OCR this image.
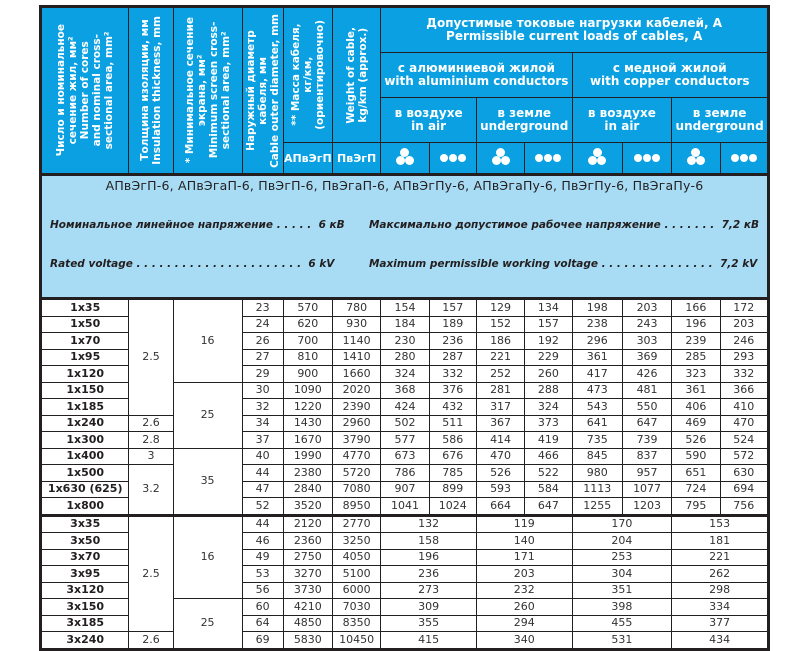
Число и номинальное сечение жил, мм² Number of cores and nominal cross- sectional area, mm²	Толщина изоляции, мм Insulation thickness, mm	* Минимальное сечение экрана, мм² Minimum screen cross- sectional area, mm²	Наружный диаметр кабеля, мм Cable outer diameter, mm	** Масса кабеля, кг/км, (ориентировочно)	Weight of cable, kg/km (approx.)

Допустимые токовые нагрузки кабелей, А
Permissible current loads of cables, A

с алюминиевой жилой
with aluminium conductors

с медной жилой
with copper conductors

в воздухе
in air

в земле
underground

в воздухе
in air

в земле
underground

				АПвЭгП	ПвЭгП	

АПвЭгП-6, АПвЭгаП-6, ПвЭгП-6, ПвЭгаП-6, АПвЭгПу-6, АПвЭгаПу-6, ПвЭгПу-6, ПвЭгаПу-6

Номинальное линейное напряжение . . . . .  6 кВ

Rated voltage . . . . . . . . . . . . . . . . . . . . . .  6 kV

Максимально допустимое рабочее напряжение . . . . . . .  7,2 кВ

Maximum permissible working voltage . . . . . . . . . . . . . . .  7,2 kV													

1x35	2.5	16	23	570	780	154	157	129	134	198	203	166	172
1x50			24	620	930	184	189	152	157	238	243	196	203
1x70			26	700	1140	230	236	186	192	296	303	239	246
1x95			27	810	1410	280	287	221	229	361	369	285	293
1x120			29	900	1660	324	332	252	260	417	426	323	332
1x150		25	30	1090	2020	368	376	281	288	473	481	361	366
1x185			32	1220	2390	424	432	317	324	543	550	406	410
1x240	2.6		34	1430	2960	502	511	367	373	641	647	469	470
1x300	2.8		37	1670	3790	577	586	414	419	735	739	526	524
1x400	3	35	40	1990	4770	673	676	470	466	845	837	590	572
1x500	3.2		44	2380	5720	786	785	526	522	980	957	651	630
1x630 (625)			47	2840	7080	907	899	593	584	1113	1077	724	694
1x800			52	3520	8950	1041	1024	664	647	1255	1203	795	756
3x35	2.5	16	44	2120	2770	132		119		170		153	
3x50			46	2360	3250	158		140		204		181	
3x70			49	2750	4050	196		171		253		221	
3x95			53	3270	5100	236		203		304		262	
3x120			56	3730	6000	273		232		351		298	
3x150		25	60	4210	7030	309		260		398		334	
3x185			64	4850	8350	355		294		455		377	
3x240	2.6		69	5830	10450	415		340		531		434	
